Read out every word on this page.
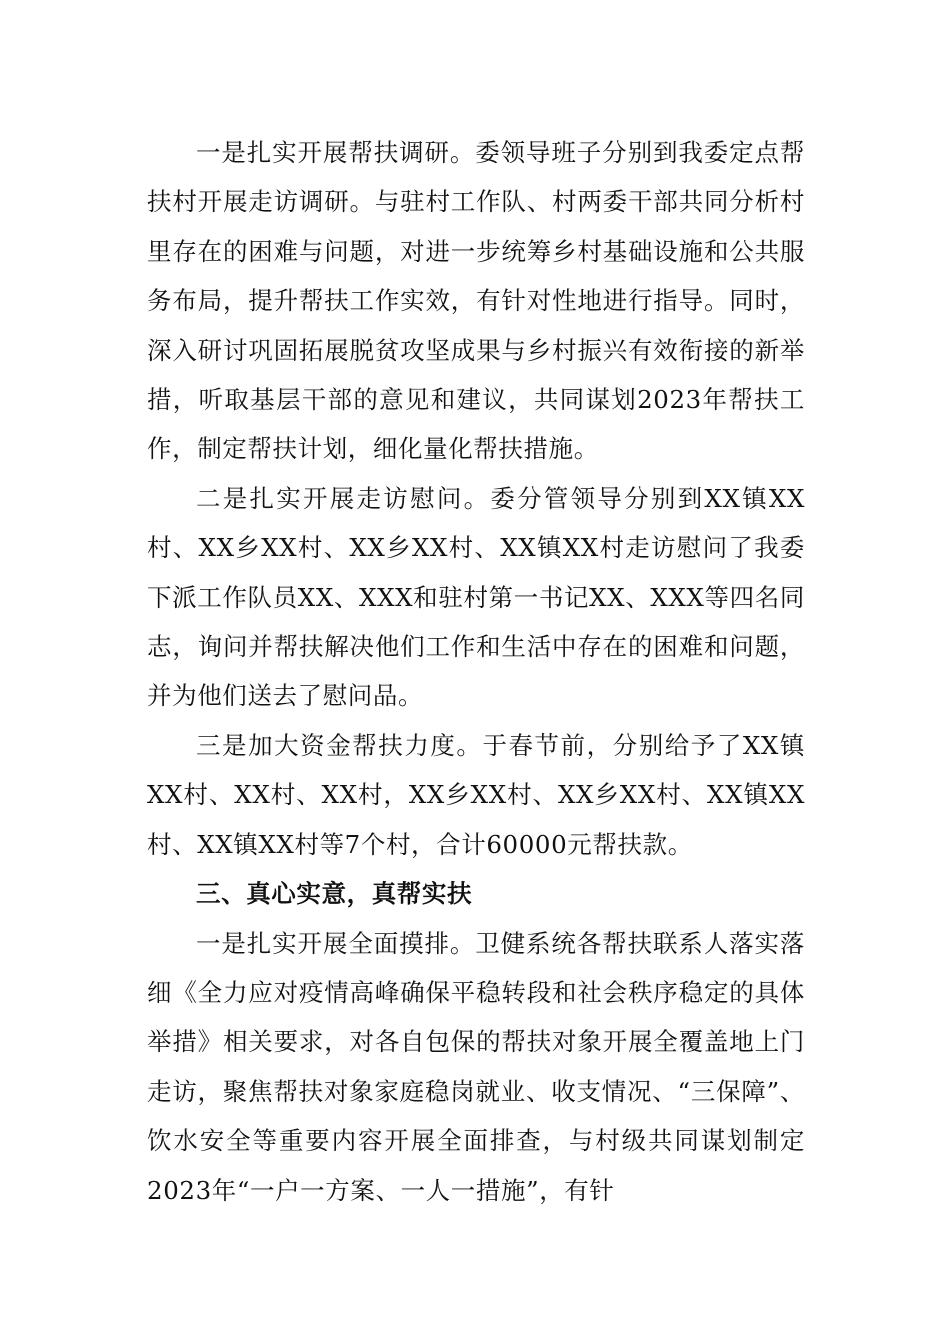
一是扎实开展帮扶调研。委领导班子分别到我委定点帮扶村开展走访调研。与驻村工作队、村两委干部共同分析村里存在的困难与问题，对进一步统筹乡村基础设施和公共服务布局，提升帮扶工作实效，有针对性地进行指导。同时，深入研讨巩固拓展脱贫攻坚成果与乡村振兴有效衔接的新举措，听取基层干部的意见和建议，共同谋划2023年帮扶工作，制定帮扶计划，细化量化帮扶措施。

二是扎实开展走访慰问。委分管领导分别到XX镇XX村、XX乡XX村、XX乡XX村、XX镇XX村走访慰问了我委下派工作队员XX、XXX和驻村第一书记XX、XXX等四名同志，询问并帮扶解决他们工作和生活中存在的困难和问题，并为他们送去了慰问品。

三是加大资金帮扶力度。于春节前，分别给予了XX镇XX村、XX村、XX村，XX乡XX村、XX乡XX村、XX镇XX村、XX镇XX村等7个村，合计60000元帮扶款。

三、真心实意，真帮实扶

一是扎实开展全面摸排。卫健系统各帮扶联系人落实落细《全力应对疫情高峰确保平稳转段和社会秩序稳定的具体举措》相关要求，对各自包保的帮扶对象开展全覆盖地上门走访，聚焦帮扶对象家庭稳岗就业、收支情况、“三保障”、饮水安全等重要内容开展全面排查，与村级共同谋划制定2023年“一户一方案、一人一措施”，有针
